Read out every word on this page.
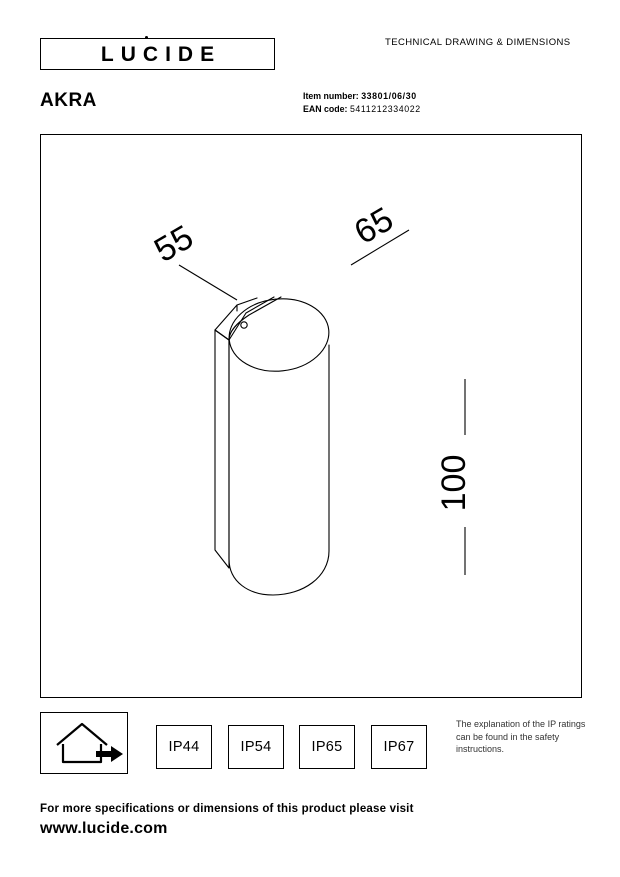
LUCIDE	TECHNICAL DRAWING & DIMENSIONS
AKRA	Item number: 33801/06/30
EAN code: 5411212334022
55	65
100
IP44	IP54	IP65	IP67
The explanation of the IP ratings can be found in the safety instructions.
For more specifications or dimensions of this product please visit
www.lucide.com
